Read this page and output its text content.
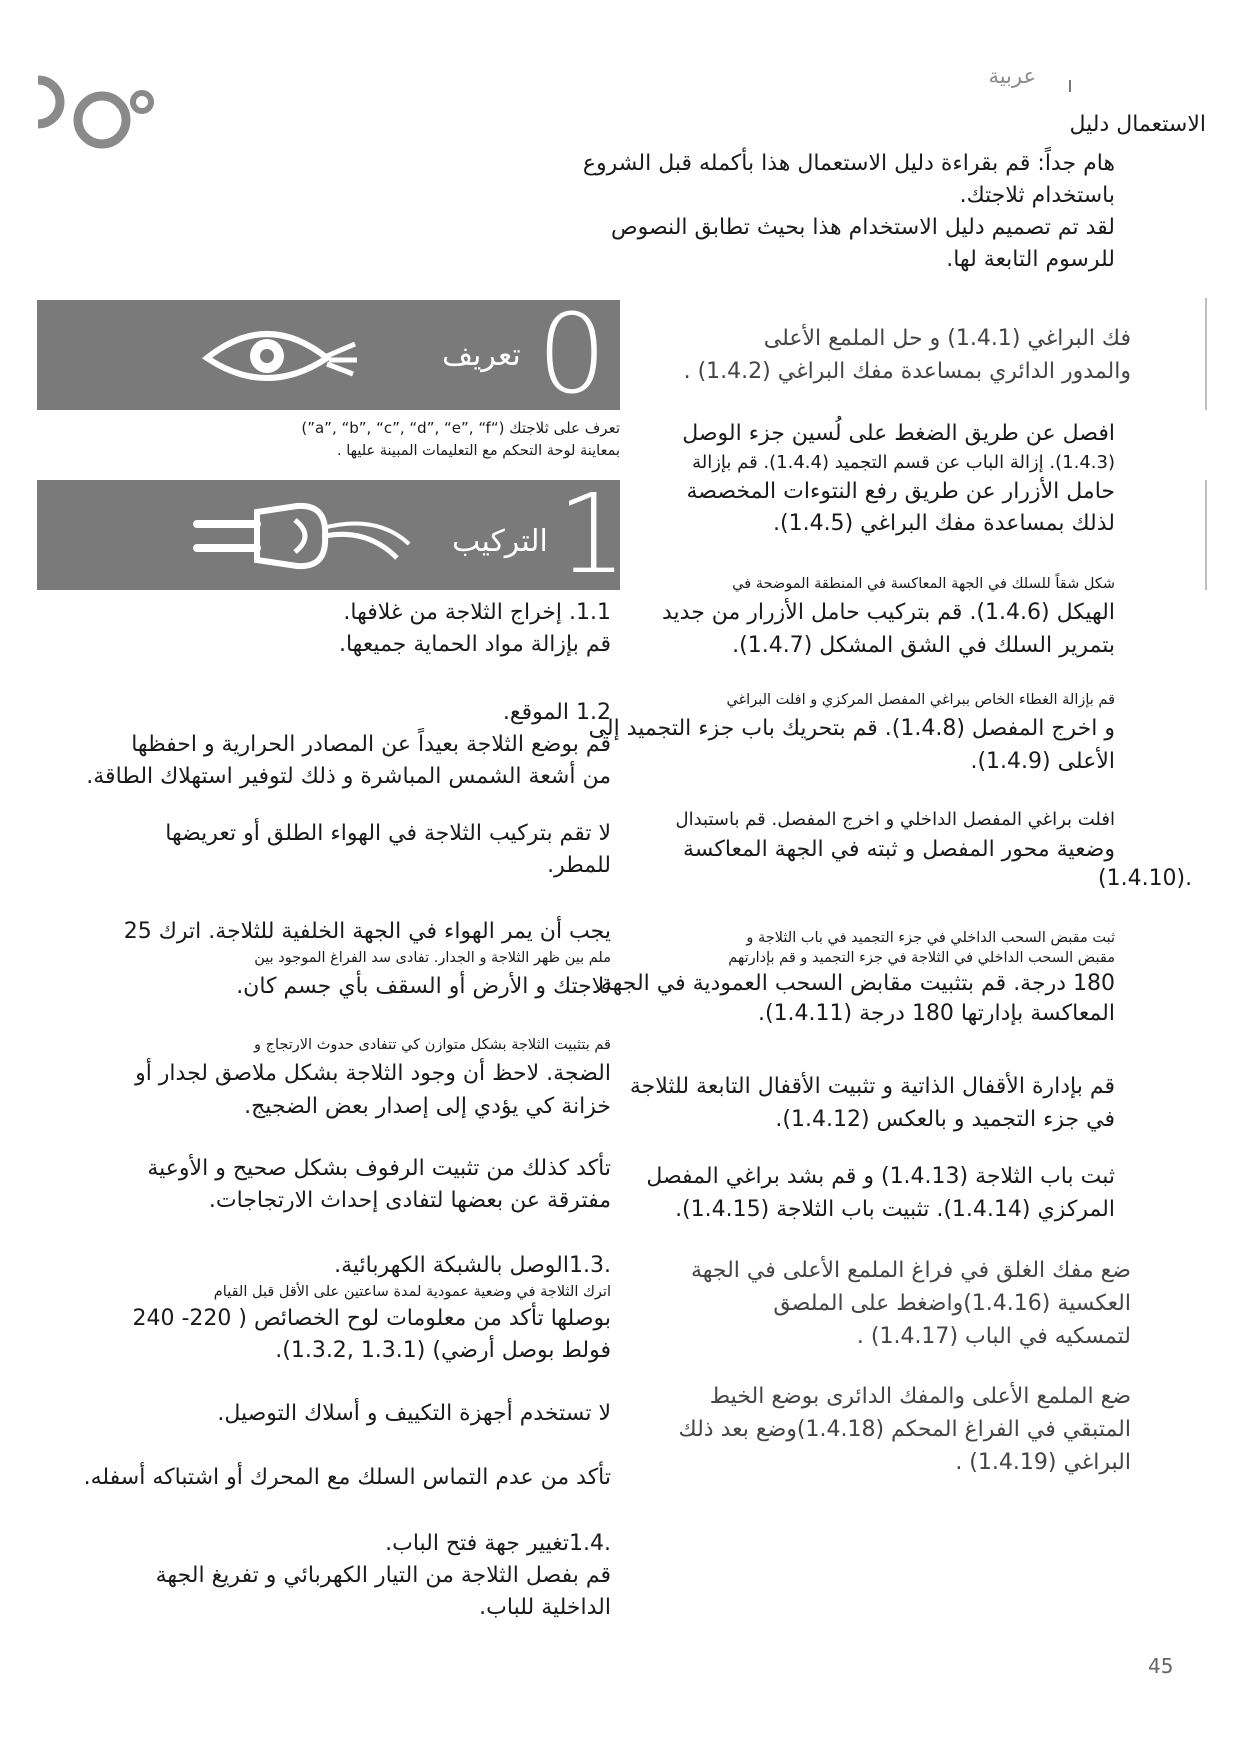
عربية
الاستعمال دليل
هام جداً: قم بقراءة دليل الاستعمال هذا بأكمله قبل الشروع
باستخدام ثلاجتك.
لقد تم تصميم دليل الاستخدام هذا بحيث تطابق النصوص
للرسوم التابعة لها.
تعريف 0
تعرف على ثلاجتك (“a”, “b”, “c”, “d”, “e”, “f”)
بمعاينة لوحة التحكم مع التعليمات المبينة عليها .
التركيب 1
1.1. إخراج الثلاجة من غلافها.
قم بإزالة مواد الحماية جميعها.
1.2 الموقع.
قم بوضع الثلاجة بعيداً عن المصادر الحرارية و احفظها
من أشعة الشمس المباشرة و ذلك لتوفير استهلاك الطاقة.
لا تقم بتركيب الثلاجة في الهواء الطلق أو تعريضها
للمطر.
يجب أن يمر الهواء في الجهة الخلفية للثلاجة. اترك 25
ملم بين ظهر الثلاجة و الجدار. تفادى سد الفراغ الموجود بين
ثلاجتك و الأرض أو السقف بأي جسم كان.
قم بتثبيت الثلاجة بشكل متوازن كي تتفادى حدوث الارتجاج و
الضجة. لاحظ أن وجود الثلاجة بشكل ملاصق لجدار أو
خزانة كي يؤدي إلى إصدار بعض الضجيج.
تأكد كذلك من تثبيت الرفوف بشكل صحيح و الأوعية
مفترقة عن بعضها لتفادى إحداث الارتجاجات.
.1.3الوصل بالشبكة الكهربائية.
اترك الثلاجة في وضعية عمودية لمدة ساعتين على الأقل قبل القيام
بوصلها تأكد من معلومات لوح الخصائص ( 220- 240
فولط بوصل أرضي) (1.3.1 ,1.3.2).
لا تستخدم أجهزة التكييف و أسلاك التوصيل.
تأكد من عدم التماس السلك مع المحرك أو اشتباكه أسفله.
.1.4تغيير جهة فتح الباب.
قم بفصل الثلاجة من التيار الكهربائي و تفريغ الجهة
الداخلية للباب.
فك البراغي (1.4.1) و حل الملمع الأعلى
والمدور الدائري بمساعدة مفك البراغي (1.4.2) .
افصل عن طريق الضغط على لُسين جزء الوصل
(1.4.3). إزالة الباب عن قسم التجميد (1.4.4). قم بإزالة
حامل الأزرار عن طريق رفع النتوءات المخصصة
لذلك بمساعدة مفك البراغي (1.4.5).
شكل شقاً للسلك في الجهة المعاكسة في المنطقة الموضحة في
الهيكل (1.4.6). قم بتركيب حامل الأزرار من جديد
بتمرير السلك في الشق المشكل (1.4.7).
قم بإزالة الغطاء الخاص ببراغي المفصل المركزي و افلت البراغي
و اخرج المفصل (1.4.8). قم بتحريك باب جزء التجميد إلى
الأعلى (1.4.9).
افلت براغي المفصل الداخلي و اخرج المفصل. قم باستبدال
وضعية محور المفصل و ثبته في الجهة المعاكسة
(1.4.10).
ثبت مقبض السحب الداخلي في جزء التجميد في باب الثلاجة و
مقبض السحب الداخلي في الثلاجة في جزء التجميد و قم بإدارتهم
180 درجة. قم بتثبيت مقابض السحب العمودية في الجهة
المعاكسة بإدارتها 180 درجة (1.4.11).
قم بإدارة الأقفال الذاتية و تثبيت الأقفال التابعة للثلاجة
في جزء التجميد و بالعكس (1.4.12).
ثبت باب الثلاجة (1.4.13) و قم بشد براغي المفصل
المركزي (1.4.14). تثبيت باب الثلاجة (1.4.15).
ضع مفك الغلق في فراغ الملمع الأعلى في الجهة
العكسية (1.4.16)واضغط على الملصق
لتمسكيه في الباب (1.4.17) .
ضع الملمع الأعلى والمفك الدائرى بوضع الخيط
المتبقي في الفراغ المحكم (1.4.18)وضع بعد ذلك
البراغي (1.4.19) .
45
